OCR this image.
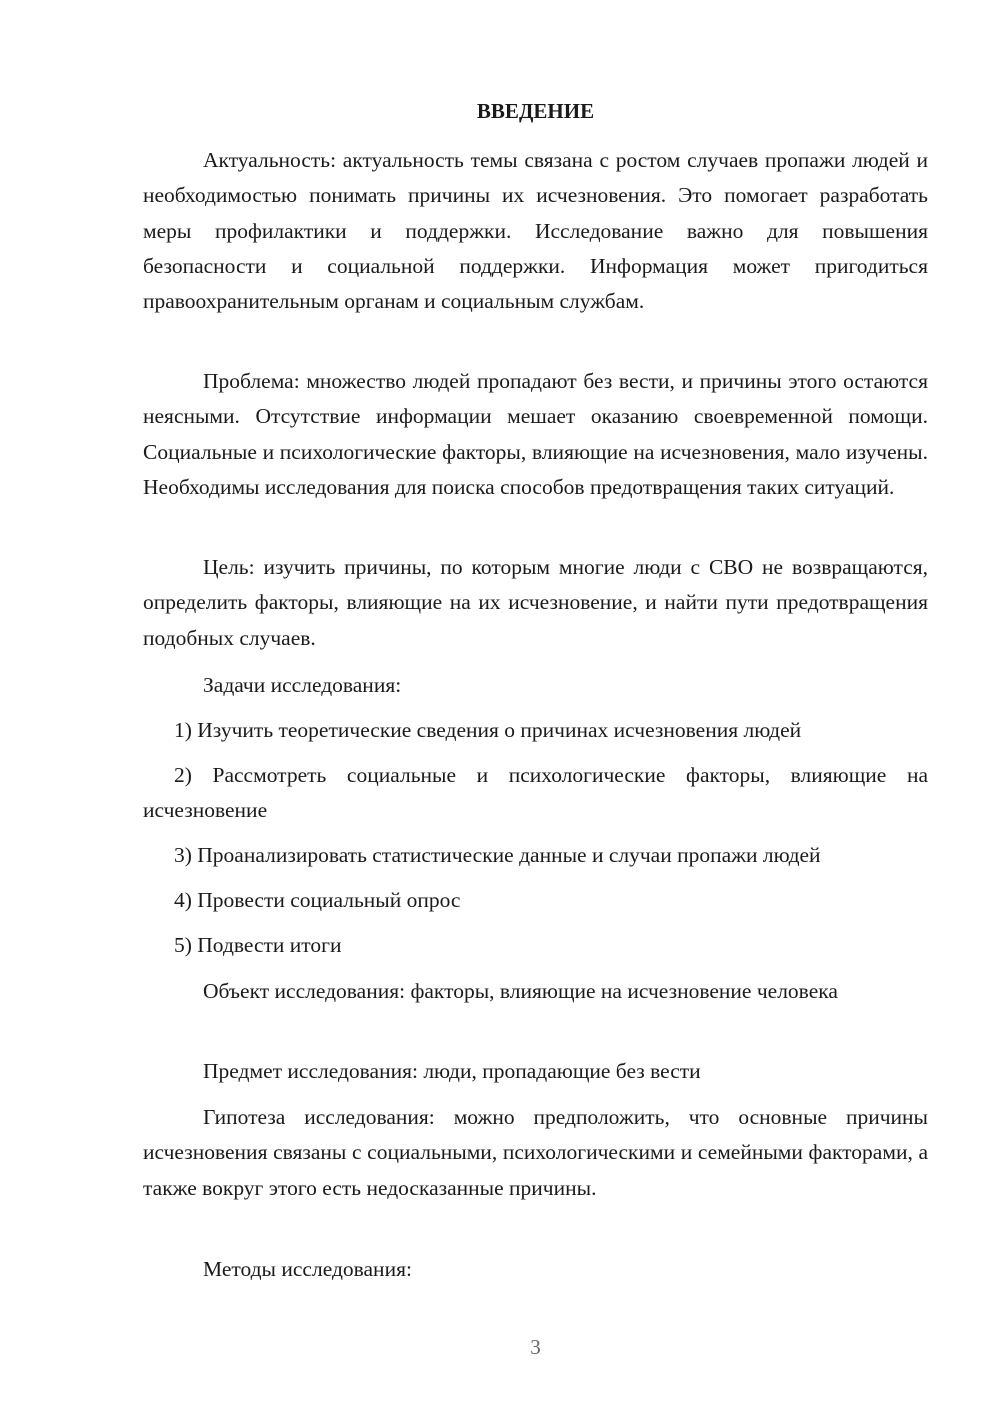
ВВЕДЕНИЕ

Актуальность: актуальность темы связана с ростом случаев пропажи людей и необходимостью понимать причины их исчезновения. Это помогает разработать меры профилактики и поддержки. Исследование важно для повышения безопасности и социальной поддержки. Информация может пригодиться правоохранительным органам и социальным службам.

Проблема: множество людей пропадают без вести, и причины этого остаются неясными. Отсутствие информации мешает оказанию своевременной помощи. Социальные и психологические факторы, влияющие на исчезновения, мало изучены. Необходимы исследования для поиска способов предотвращения таких ситуаций.

Цель: изучить причины, по которым многие люди с СВО не возвращаются, определить факторы, влияющие на их исчезновение, и найти пути предотвращения подобных случаев.

Задачи исследования:

1) Изучить теоретические сведения о причинах исчезновения людей

2) Рассмотреть социальные и психологические факторы, влияющие на исчезновение

3) Проанализировать статистические данные и случаи пропажи людей

4) Провести социальный опрос

5) Подвести итоги

Объект исследования: факторы, влияющие на исчезновение человека

Предмет исследования: люди, пропадающие без вести

Гипотеза исследования: можно предположить, что основные причины исчезновения связаны с социальными, психологическими и семейными факторами, а также вокруг этого есть недосказанные причины.

Методы исследования:

3
